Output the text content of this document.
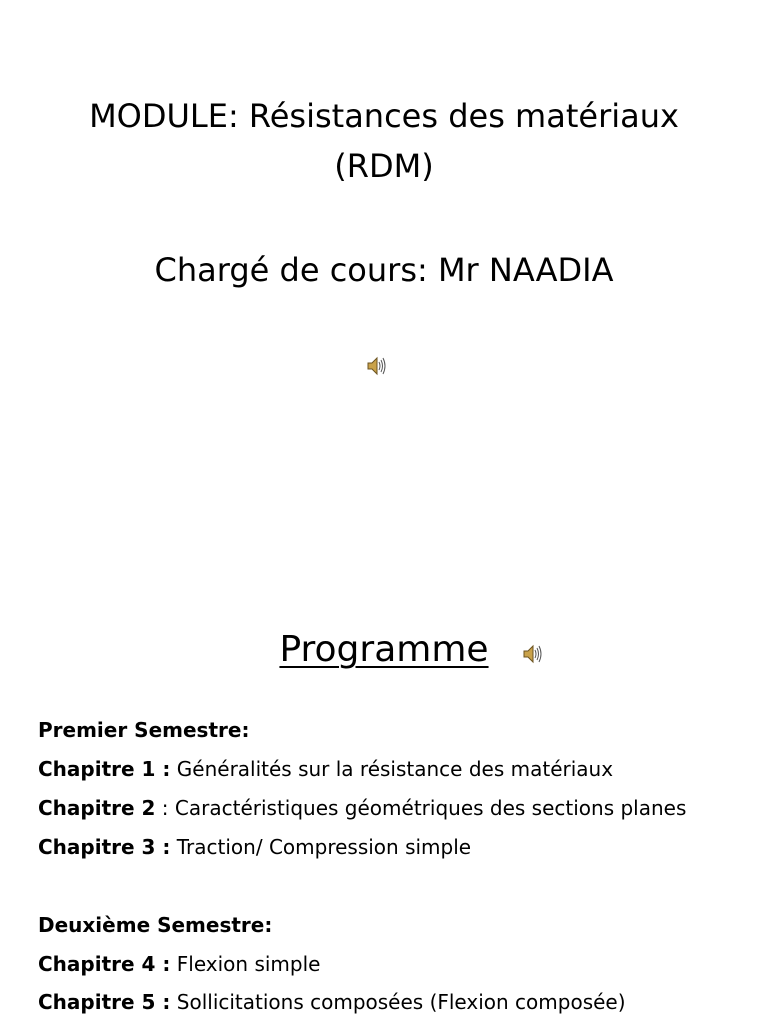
MODULE: Résistances des matériaux
(RDM)
Chargé de cours: Mr NAADIA
Programme
Premier Semestre:
Chapitre 1 : Généralités sur la résistance des matériaux
Chapitre 2 : Caractéristiques géométriques des sections planes
Chapitre 3 : Traction/ Compression simple
Deuxième Semestre:
Chapitre 4 : Flexion simple
Chapitre 5 : Sollicitations composées (Flexion composée)
